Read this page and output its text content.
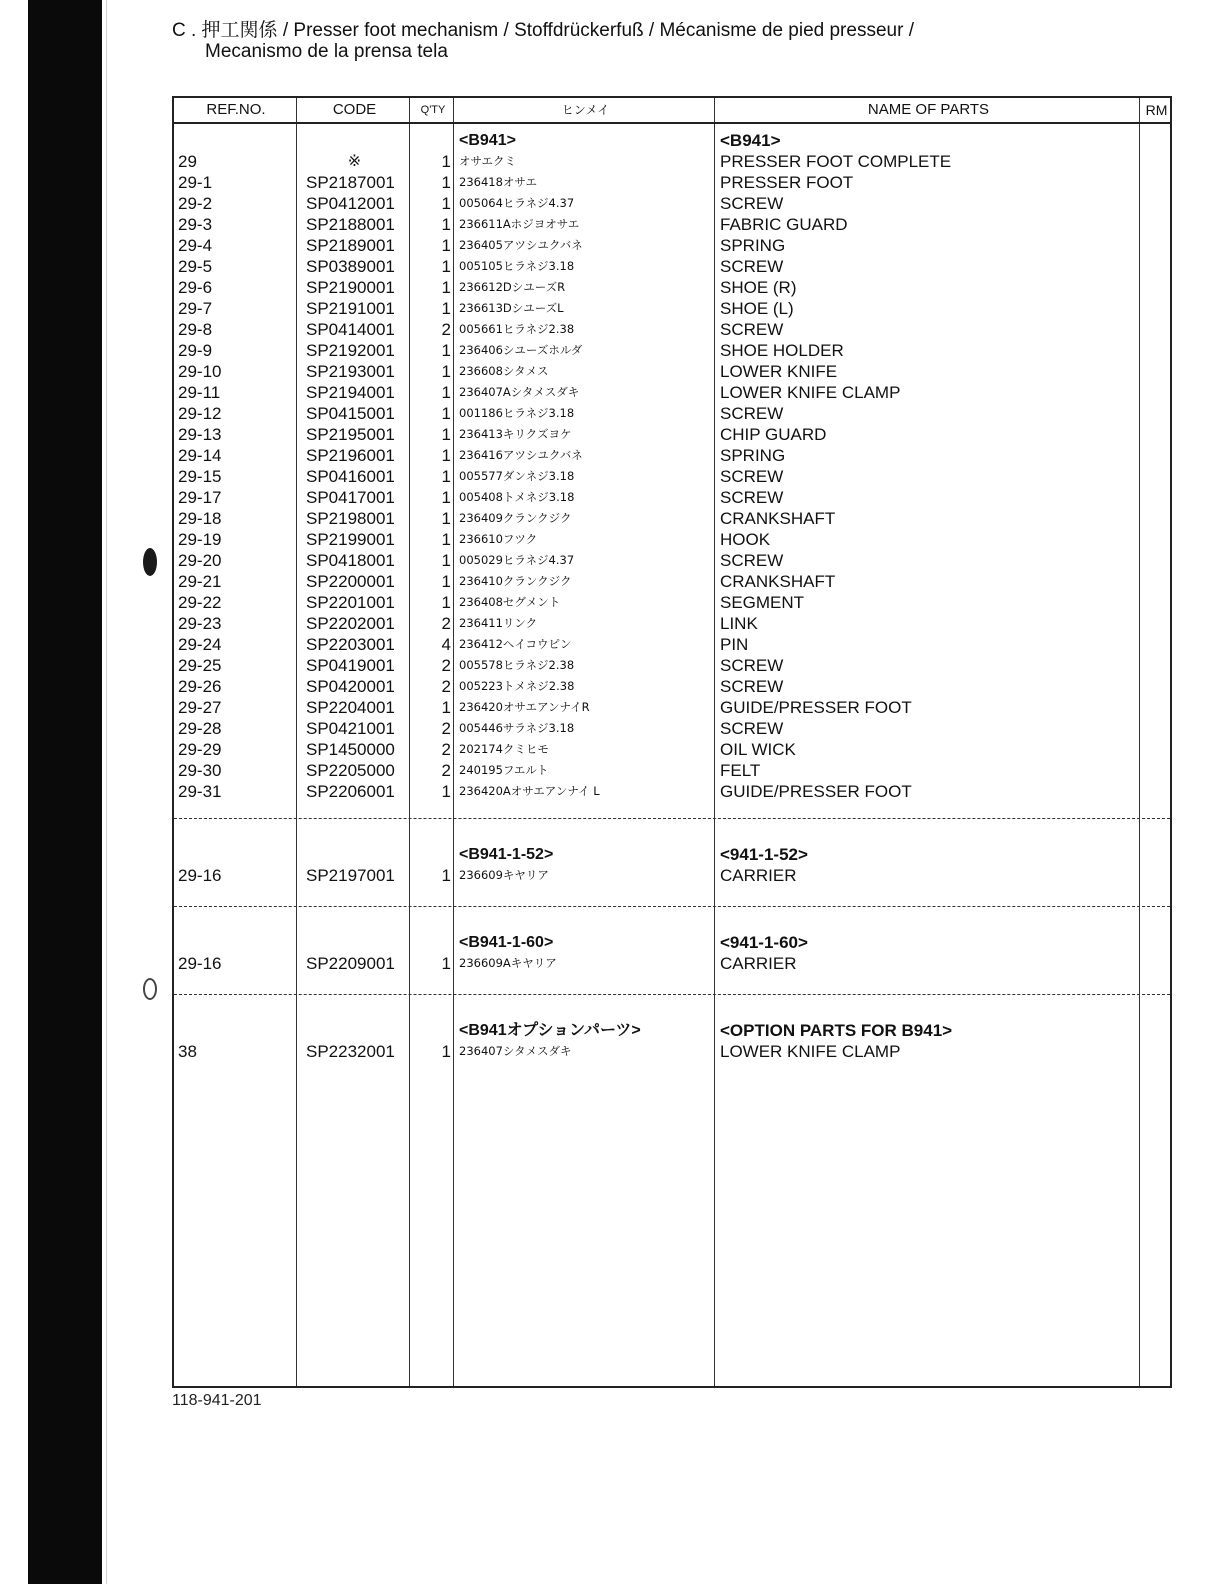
C . 押工関係 / Presser foot mechanism / Stoffdrückerfuß / Mécanisme de pied presseur /
Mecanismo de la prensa tela
REF.NO.	CODE	Q'TY	ヒンメイ	NAME OF PARTS	RM
<B941>	<B941>
29	※	1 オサエクミ	PRESSER FOOT COMPLETE
29-1	SP2187001	1 236418オサエ	PRESSER FOOT
29-2	SP0412001	1 005064ヒラネジ4.37	SCREW
29-3	SP2188001	1 236611Aホジヨオサエ	FABRIC GUARD
29-4	SP2189001	1 236405アツシユクバネ	SPRING
29-5	SP0389001	1 005105ヒラネジ3.18	SCREW
29-6	SP2190001	1 236612DシユーズR	SHOE (R)
29-7	SP2191001	1 236613DシユーズL	SHOE (L)
29-8	SP0414001	2 005661ヒラネジ2.38	SCREW
29-9	SP2192001	1 236406シユーズホルダ	SHOE HOLDER
29-10	SP2193001	1 236608シタメス	LOWER KNIFE
29-11	SP2194001	1 236407Aシタメスダキ	LOWER KNIFE CLAMP
29-12	SP0415001	1 001186ヒラネジ3.18	SCREW
29-13	SP2195001	1 236413キリクズヨケ	CHIP GUARD
29-14	SP2196001	1 236416アツシユクバネ	SPRING
29-15	SP0416001	1 005577ダンネジ3.18	SCREW
29-17	SP0417001	1 005408トメネジ3.18	SCREW
29-18	SP2198001	1 236409クランクジク	CRANKSHAFT
29-19	SP2199001	1 236610フツク	HOOK
29-20	SP0418001	1 005029ヒラネジ4.37	SCREW
29-21	SP2200001	1 236410クランクジク	CRANKSHAFT
29-22	SP2201001	1 236408セグメント	SEGMENT
29-23	SP2202001	2 236411リンク	LINK
29-24	SP2203001	4 236412ヘイコウピン	PIN
29-25	SP0419001	2 005578ヒラネジ2.38	SCREW
29-26	SP0420001	2 005223トメネジ2.38	SCREW
29-27	SP2204001	1 236420オサエアンナイR	GUIDE/PRESSER FOOT
29-28	SP0421001	2 005446サラネジ3.18	SCREW
29-29	SP1450000	2 202174クミヒモ	OIL WICK
29-30	SP2205000	2 240195フエルト	FELT
29-31	SP2206001	1 236420Aオサエアンナイ L	GUIDE/PRESSER FOOT
<B941-1-52>	<941-1-52>
29-16	SP2197001	1 236609キヤリア	CARRIER
<B941-1-60>	<941-1-60>
29-16	SP2209001	1 236609Aキヤリア	CARRIER
<B941オプションパーツ>	<OPTION PARTS FOR B941>
38	SP2232001	1 236407シタメスダキ	LOWER KNIFE CLAMP
118-941-201
